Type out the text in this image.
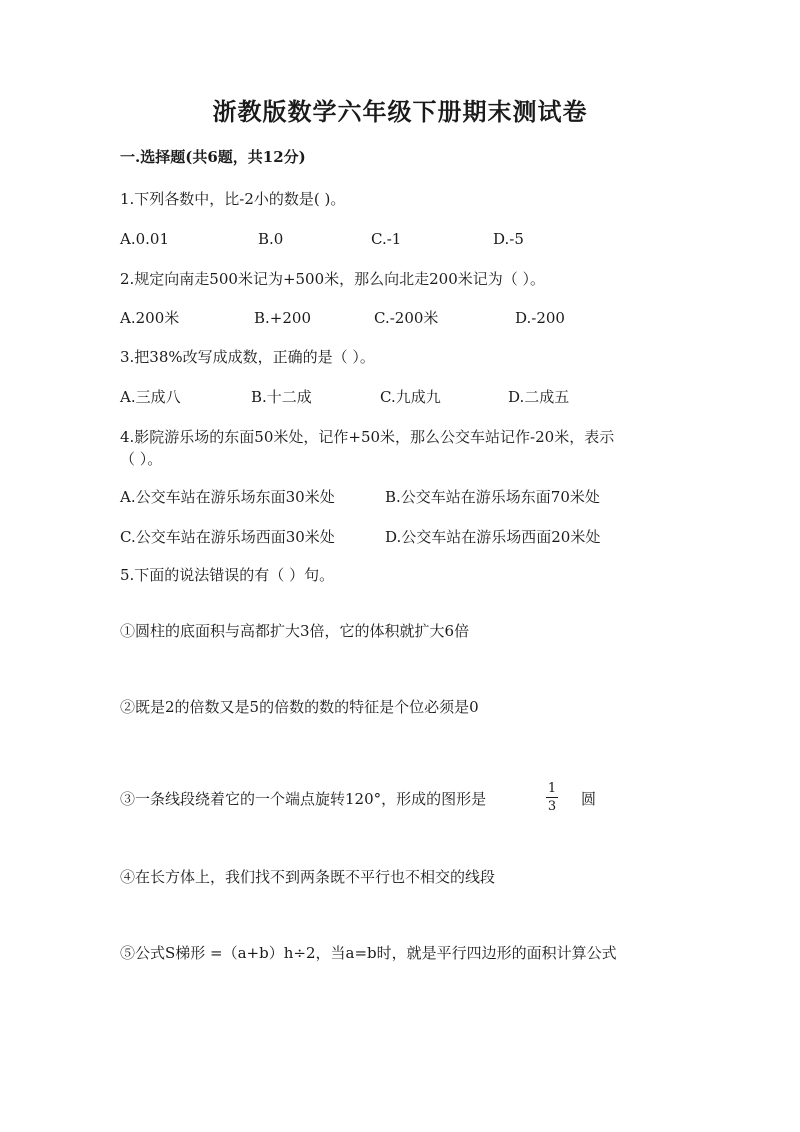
浙教版数学六年级下册期末测试卷
一.选择题(共6题，共12分)
1.下列各数中，比-2小的数是( )。
A.0.01	B.0	C.-1	D.-5
2.规定向南走500米记为+500米，那么向北走200米记为（ ）。
A.200米	B.+200	C.-200米	D.-200
3.把38%改写成成数，正确的是（ ）。
A.三成八	B.十二成	C.九成九	D.二成五
4.影院游乐场的东面50米处，记作+50米，那么公交车站记作-20米，表示
（ ）。
A.公交车站在游乐场东面30米处	B.公交车站在游乐场东面70米处
C.公交车站在游乐场西面30米处	D.公交车站在游乐场西面20米处
5.下面的说法错误的有（ ）句。
①圆柱的底面积与高都扩大3倍，它的体积就扩大6倍
②既是2的倍数又是5的倍数的数的特征是个位必须是0
③一条线段绕着它的一个端点旋转120°，形成的图形是
1
3 圆
④在长方体上，我们找不到两条既不平行也不相交的线段
⑤公式S梯形 =（a+b）h÷2，当a=b时，就是平行四边形的面积计算公式
